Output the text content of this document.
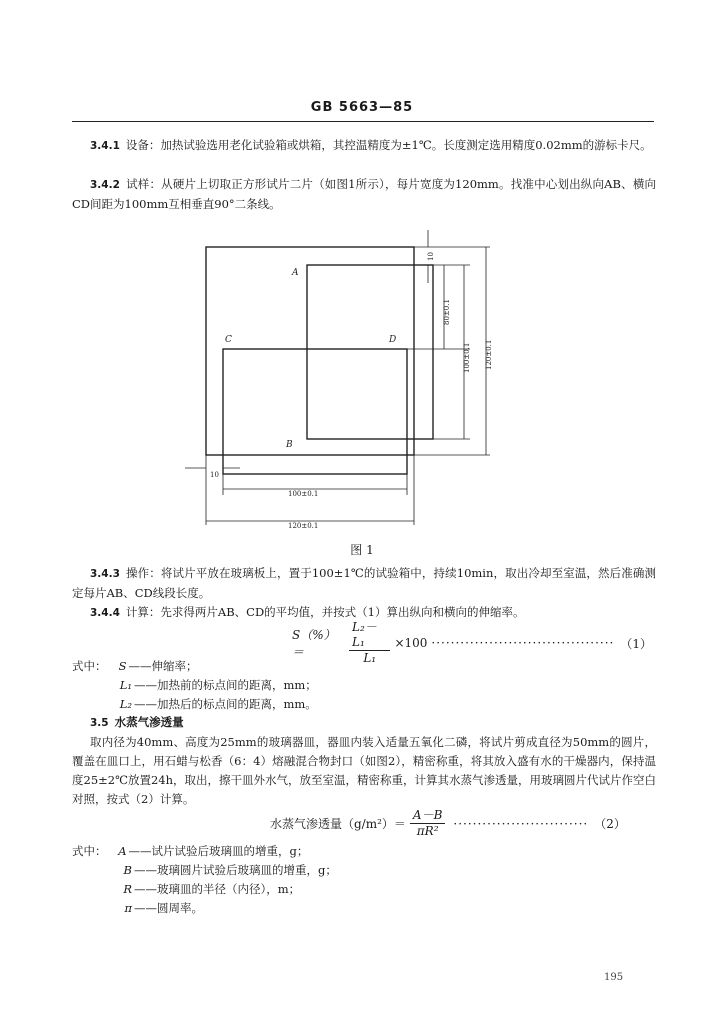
GB 5663—85
3.4.1 设备：加热试验选用老化试验箱或烘箱，其控温精度为±1℃。长度测定选用精度0.02mm的游标卡尺。
3.4.2 试样：从硬片上切取正方形试片二片（如图1所示），每片宽度为120mm。找准中心划出纵向AB、横向CD间距为100mm互相垂直90°二条线。
A
B
C	D
10
80±0.1
100±0.1 120±0.1
10
100±0.1
120±0.1
图 1
3.4.3 操作：将试片平放在玻璃板上，置于100±1℃的试验箱中，持续10min，取出冷却至室温，然后准确测定每片AB、CD线段长度。
3.4.4 计算：先求得两片AB、CD的平均值，并按式（1）算出纵向和横向的伸缩率。
S（%）＝	$\frac{\text{L₂－L₁}}{\text{L₁}} \times 100$ ······································ （1）
式中： S ——伸缩率；
L₁ ——加热前的标点间的距离，mm；
L₂ ——加热后的标点间的距离，mm。
3.5 水蒸气渗透量
取内径为40mm、高度为25mm的玻璃器皿，器皿内装入适量五氧化二磷，将试片剪成直径为50mm的圆片，覆盖在皿口上，用石蜡与松香（6：4）熔融混合物封口（如图2），精密称重，将其放入盛有水的干燥器内，保持温度25±2℃放置24h，取出，擦干皿外水气，放至室温，精密称重，计算其水蒸气渗透量，用玻璃圆片代试片作空白对照，按式（2）计算。
水蒸气渗透量$(g/m^2)= \frac{A-B}{\text{πR²}}$ ···························· （2）
式中： A ——试片试验后玻璃皿的增重，g；
B ——玻璃圆片试验后玻璃皿的增重，g；
R ——玻璃皿的半径（内径），m；
π ——圆周率。
195
